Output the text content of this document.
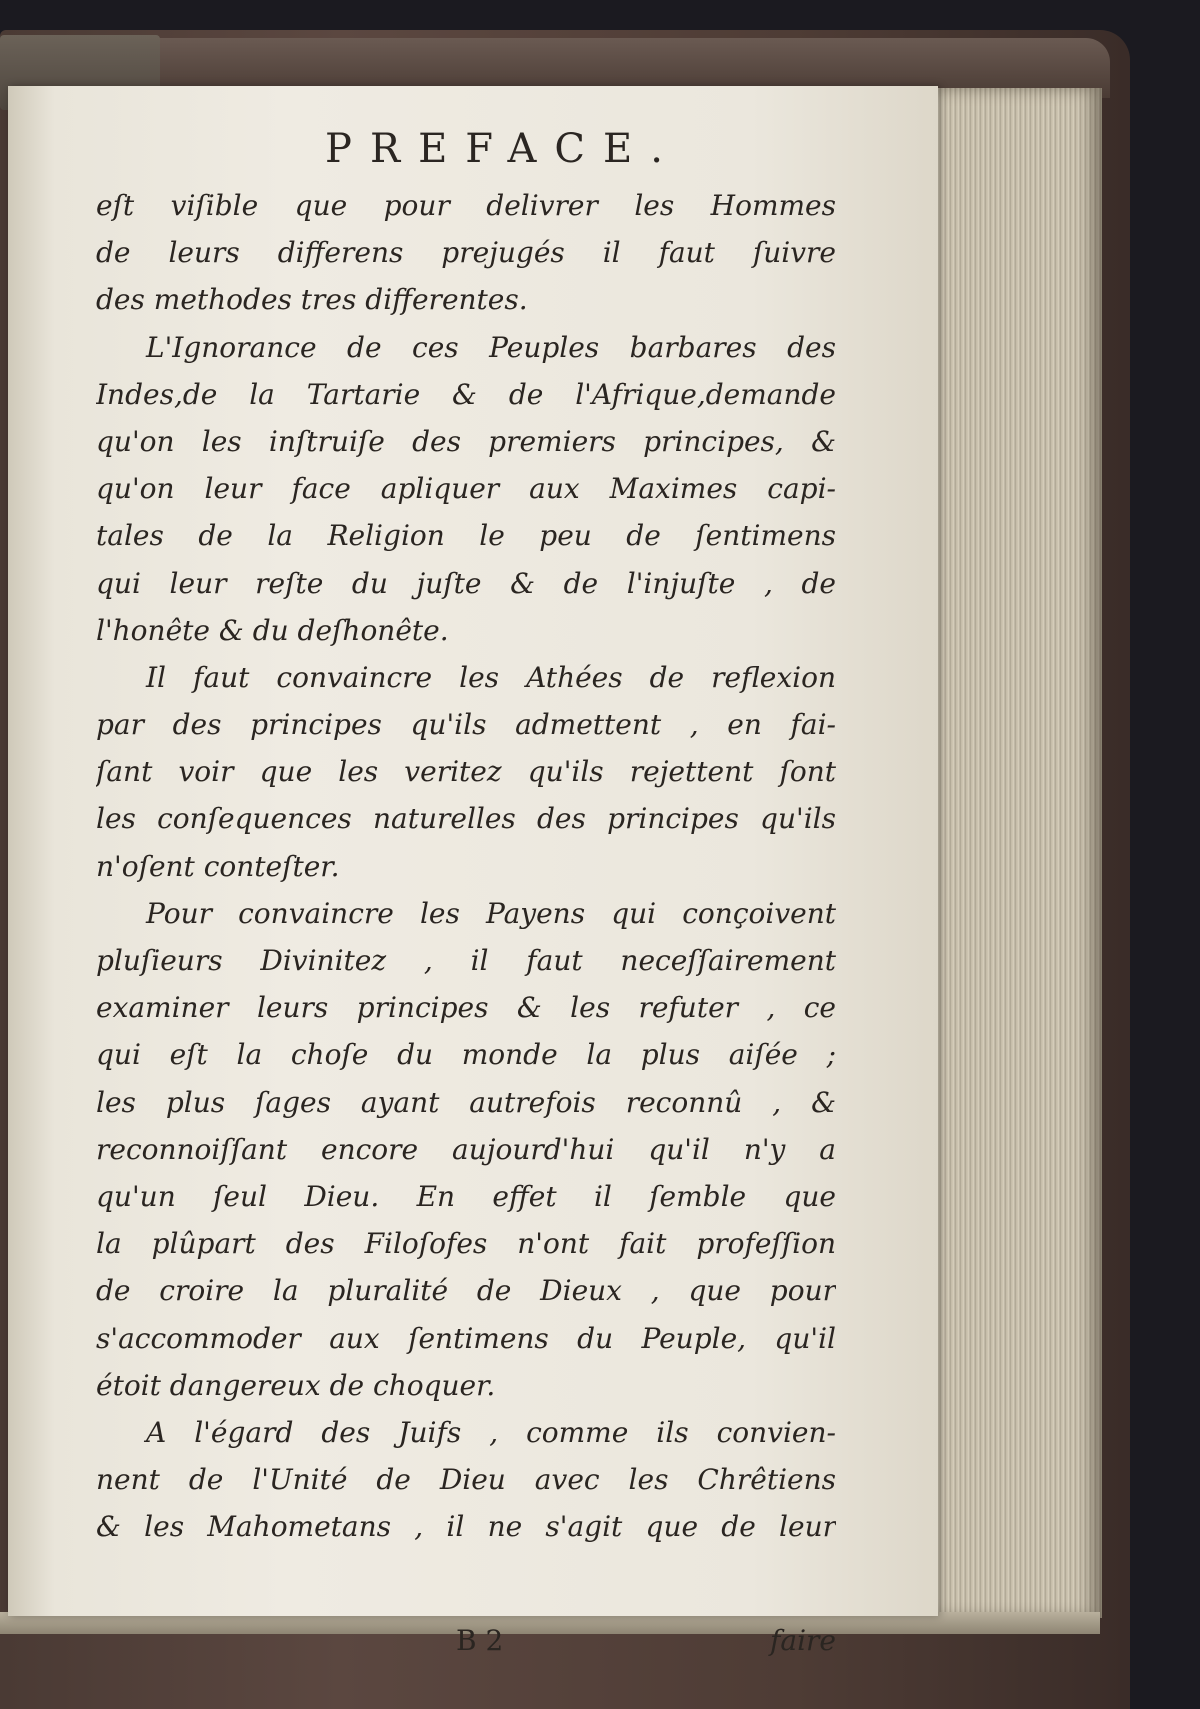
PREFACE.
eſt viſible que pour delivrer les Hommes
de leurs differens prejugés il faut ſuivre
des methodes tres differentes.
L'Ignorance de ces Peuples barbares des
Indes,de la Tartarie & de l'Afrique,demande
qu'on les inſtruiſe des premiers principes, &
qu'on leur face apliquer aux Maximes capi-
tales de la Religion le peu de ſentimens
qui leur reſte du juſte & de l'injuſte , de
l'honête & du deſhonête.
Il faut convaincre les Athées de reflexion
par des principes qu'ils admettent , en fai-
ſant voir que les veritez qu'ils rejettent ſont
les conſequences naturelles des principes qu'ils
n'oſent conteſter.
Pour convaincre les Payens qui conçoivent
pluſieurs Divinitez , il faut neceſſairement
examiner leurs principes & les refuter , ce
qui eſt la choſe du monde la plus aiſée ;
les plus ſages ayant autrefois reconnû , &
reconnoiſſant encore aujourd'hui qu'il n'y a
qu'un ſeul Dieu. En effet il ſemble que
la plûpart des Filoſofes n'ont fait profeſſion
de croire la pluralité de Dieux , que pour
s'accommoder aux ſentimens du Peuple, qu'il
étoit dangereux de choquer.
A l'égard des Juifs , comme ils convien-
nent de l'Unité de Dieu avec les Chrêtiens
& les Mahometans , il ne s'agit que de leur
B 2	faire
